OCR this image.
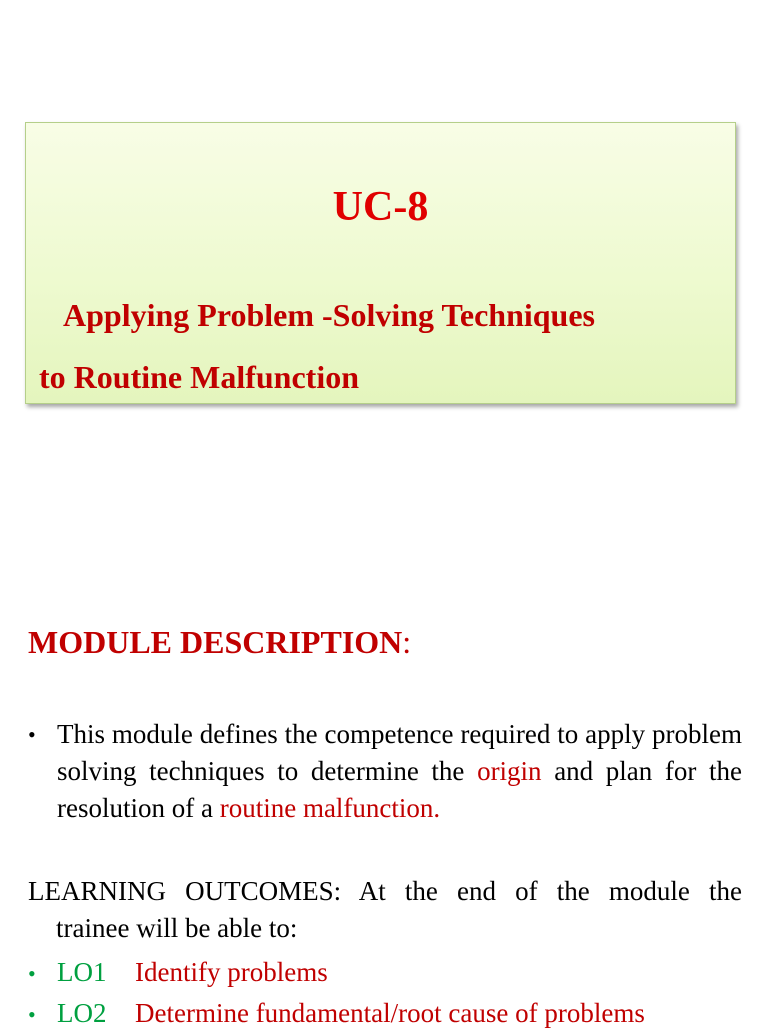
UC-8
Applying Problem -Solving Techniques
to Routine Malfunction
MODULE DESCRIPTION:
• This module defines the competence required to apply problem solving techniques to determine the origin and plan for the resolution of a routine malfunction.
LEARNING OUTCOMES: At the end of the module the
trainee will be able to:
• LO1 Identify problems
• LO2 Determine fundamental/root cause of problems
